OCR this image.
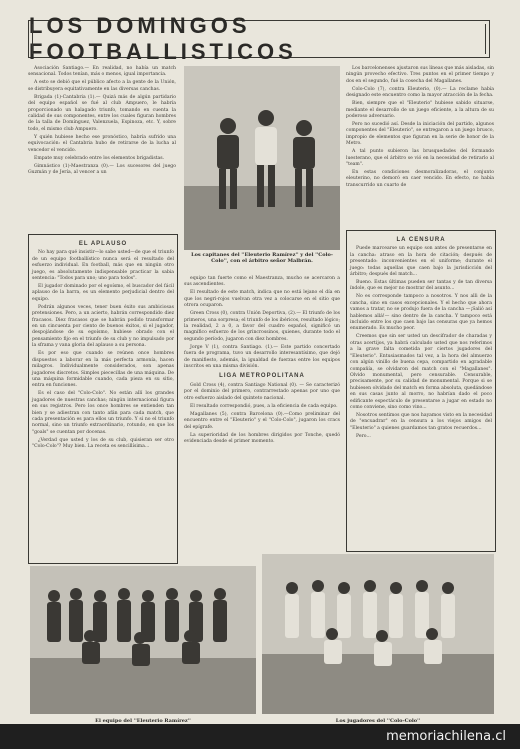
LOS DOMINGOS FOOTBALLISTICOS

Asociación Santiago.— En realidad, no había un match sensacional. Todos tenían, más o menos, igual importancia.

A esto se debió que el público afecto a la gente de la Unión, se distribuyera equitativamente en las diversas canchas.

Brigada (1)-Cantabria (1).— Quizá más de algún partidario del equipo español se fué al club Ampuero, le habría proporcionado un halagado triunfo, tomando en cuenta la calidad de sus componentes, entre los cuales figuran hombres de la talla de Domínguez, Valenzuela, Espinoza, etc. Y, sobre todo, el mismo club Ampuero.

Y quién hubiese hecho ese pronóstico, habría sufrido una equivocación: el Cantabria hubo de retirarse de la lucha al vencedor el vencido.

Empate muy celebrado entre los elementos brigadistas.

Gimnástico (1)-Maestranza (0).— Los sucesores del juego Guzmán y de Jería, al vencer a un

EL APLAUSO

No hay para qué insistir—lo sabe usted—de que el triunfo de un equipo footballístico nunca será el resultado del esfuerzo individual. En football, más que en ningún otro juego, es absolutamente indispensable practicar la sabia sentencia: "Todos para uno; uno para todos".

El jugador dominado por el egoísmo, el buscador del fácil aplauso de la barra, es un elemento perjudicial dentro del equipo.

Podrán algunos veces, tener buen éxito sus ambiciosas pretensiones. Pero, a un acierto, habrán correspondido diez fracasos. Diez fracasos que se habrán podido transformar en un cincuenta por ciento de buenos éxitos, si el jugador, despojándose de su egoísmo, hubiese obrado con el pensamiento fijo en el triunfo de su club y no impulsado por la sframa y vana gloria del aplauso a su persona.

Es por eso que cuando se reúnen once hombres dispuestos a laborar en la más perfecta armonía, hacen milagros. Individualmente considerados, son apenas jugadores discretos. Simples piececillas de una máquina. De una máquina formidable cuando, cada pieza en su sitio, entra en funciones.

Es el caso del "Colo-Colo". No están allí los grandes jugadores de nuestras canchas; ningún internacional figura en sus registros. Pero los once hombres se entienden tan bien y se adiestran con tanto afán para cada match, que cada presentación es para ellos un triunfo. Y si no el triunfo normal, sino un triunfo extraordinario, rotundo, en que los "goals" se cuentan por docenas.

¿Verdad que usted y los de su club, quisieran ser otro "Colo-Colo"? Muy bien. La receta es sencillísima...

Los capitanes del ''Eleuterio Ramírez'' y del ''Colo-Colo'', con el árbitro señor Malbrán.

equipo tan fuerte como el Maestranza, mucho se acercaron a sus ascendientes.

El resultado de este match, indica que no está lejano el día en que los negri-rojos vuelvan otra vez a colocarse en el sitio que otrora ocuparon.

Green Cross (0), contra Unión Deportiva, (2).— El triunfo de los primeros, una sorpresa; el triunfo de los ibéricos, resultado lógico; la realidad, 2 a 0, a favor del cuadro español, significó un magnífico esfuerzo de los grincrossinos, quienes, durante todo el segundo período, jugaron con diez hombres.

Jorge V (1), contra Santiago. (1).— Este partido concertado fuera de programa, tuvo un desarrollo interesantísimo, que dejó de manifiesto, además, la igualdad de fuerzas entre los equipos inscritos en una misma división.

LIGA METROPOLITANA

Gold Cross (4), contra Santiago National (0). — Se caracterizó por el dominio del primero, contrarrestado apenas por uno que otro esfuerzo aislado del quinteto nacional.

El resultado correspondió, pues, a la eficiencia de cada equipo.

Magallanes (5), contra Barcelona (0).—Como preliminar del encuentro entre el "Eleuterio" y el "Colo-Colo", jugaron los cracs del epígrafe.

La superioridad de los hombres dirigidos por Tonche, quedó evidenciada desde el primer momento.

Los barcelonenses ajustaron sus líneas que más aisladas, sin ningún provecho efectivo. Tres puntos en el primer tiempo y dos en el segundo, fué la cosecha del Magallanes.

Colo-Colo (7), contra Eleuterio, (0).— La reclame había designado este encuentro como la mayor atracción de la fecha.

Bien, siempre que el "Eleuterio" hubiese sabido situarse, mediante el desarrollo de un juego eficiente, a la altura de su poderoso adversario.

Pero no sucedió así. Desde la iniciación del partido, algunos componentes del "Eleuterio", se entregaron a un juego brusco, impropio de elementos que figuran en la serie de honor de la Metro.

A tal punto subieron las brusquedades del formando luesterano, que el árbitro se vió en la necesidad de retirarlo al "team".

En estas condiciones desmoralizadoras, el conjunto eleuterino, no demoró en caer vencido. En efecto, no había transcurrido un cuarto de

LA CENSURA

Puede marcearse un equipo son antes de presentarse en la cancha: atraso en la hora de citación; después de presentado: inconvenientes en el uniforme; durante el juego: todas aquellas que caen bajo la jurisdicción del árbitro; después del match...

Bueno. Estas últimas pueden ser tantas y de tan diversa índole, que es mejor no mostrar del asunto...

No es corresponde tampoco a nosotros. Y nos alli de la cancha, sino en casos excepcionales. Y el hecho que ahora vamos a tratar, no se produjo fuera de la cancha —¡Salió así hablemos allá!— sino dentro de la cancha. Y tampoco está incluido entre los que caen bajo las censuras que ya hemos enumerado. Es mucho peor.

Creemos que sin ser usted un descifrador de charadas y otras acertijos, ya habrá calculado usted que nos referimos a la grave falta cometida por ciertos jugadores del "Eleuterio". Entusiasmados tal vez, a la hora del almuerzo con algún vinillo de buena cepa, compartido en agradable compañía, se olvidaron del match con el "Magallanes". Olvido monumental, pero censurable. Censurable, precisamente, por su calidad de monumental. Porque si se hubiesen olvidado del match en forma absoluta, quedándose en sus casas junto al morro, no habrían dado el poco edificante espectáculo de presentarse a jugar en estado no como conviene, sino como vino...

Nosotros sentimos que nos hayamos visto en la necesidad de "encuadrar" en la censura a los viejos amigos del "Eleuterio" a quienes guardamos tan gratos recuerdos...

Pero...

El equipo del ''Eleuterio Ramírez''	Los jugadores del ''Colo-Colo''
memoriachilena.cl
